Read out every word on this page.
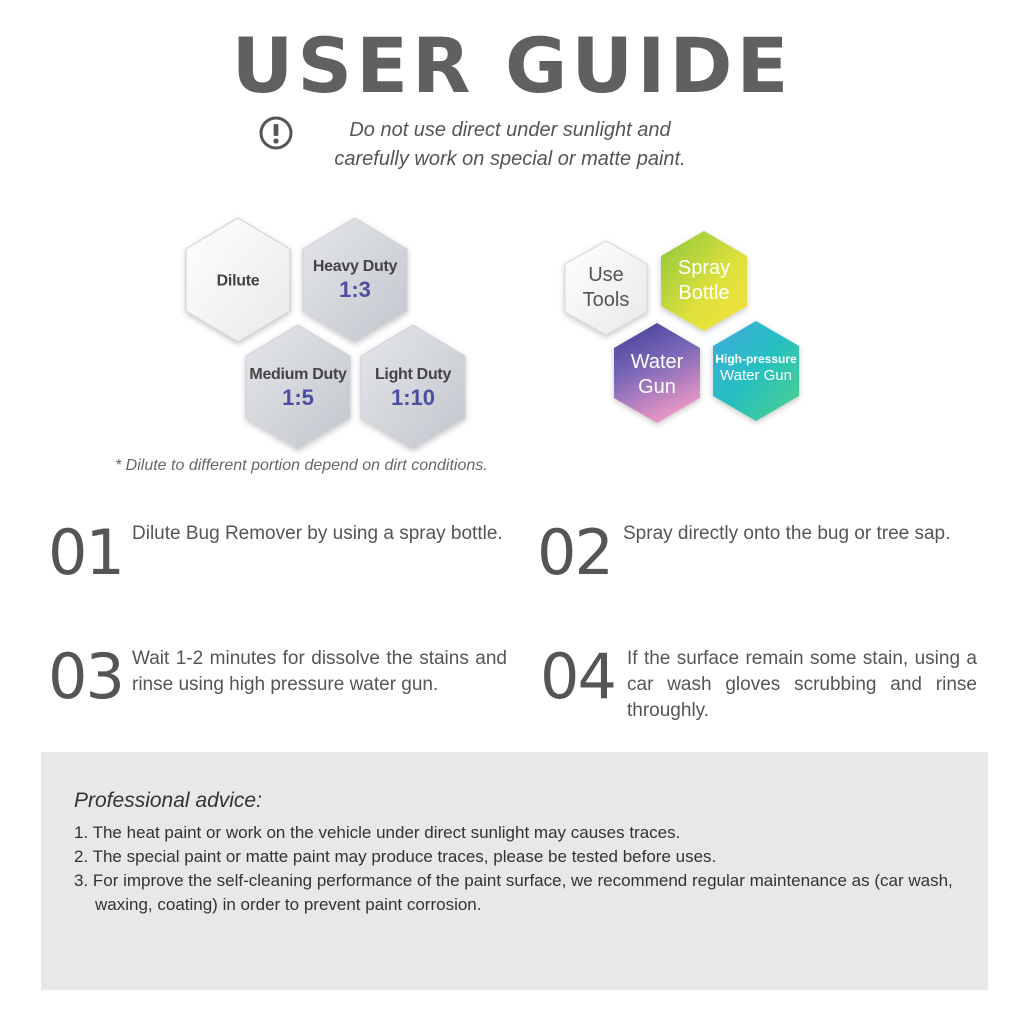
USER GUIDE
Do not use direct under sunlight and
carefully work on special or matte paint.
Dilute
Heavy Duty
1:3
Medium Duty
1:5
Light Duty
1:10
Use
Tools
Spray
Bottle
Water
Gun
High-pressure
Water Gun
* Dilute to different portion depend on dirt conditions.
01 Dilute Bug Remover by using a spray bottle. 02 Spray directly onto the bug or tree sap.
03 Wait 1-2 minutes for dissolve the stains and rinse using high pressure water gun.	04 If the surface remain some stain, using a car wash gloves scrubbing and rinse throughly.
Professional advice:
1. The heat paint or work on the vehicle under direct sunlight may causes traces.
2. The special paint or matte paint may produce traces, please be tested before uses.
3. For improve the self-cleaning performance of the paint surface, we recommend regular maintenance as (car wash, waxing, coating) in order to prevent paint corrosion.
